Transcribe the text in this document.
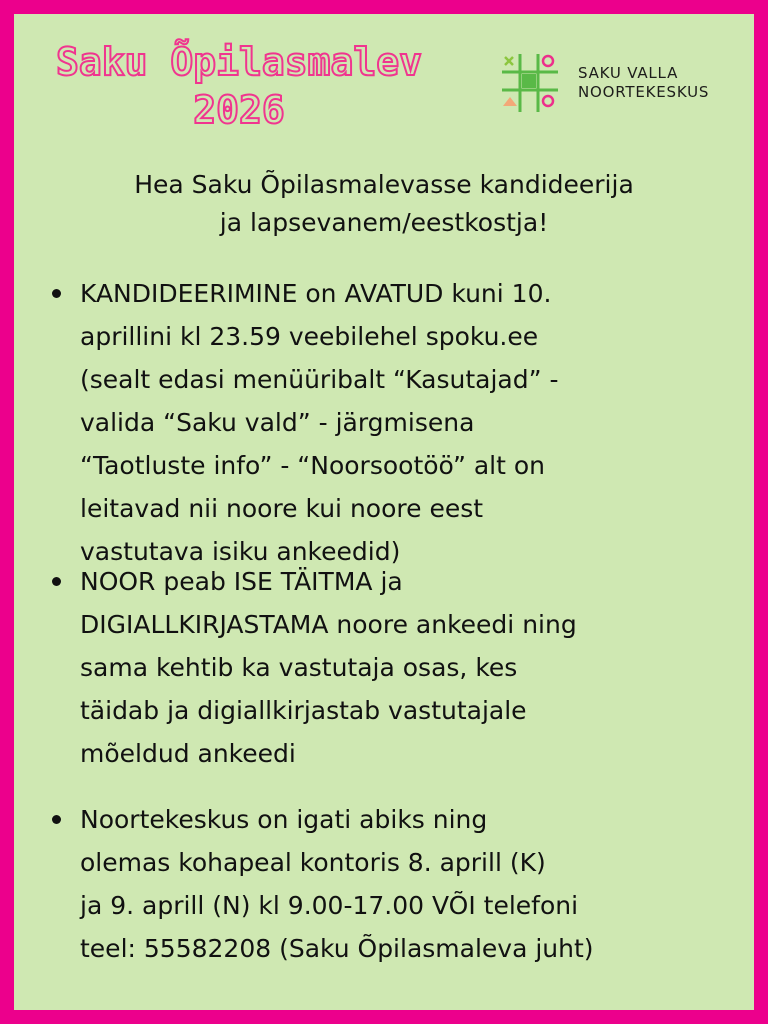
Saku Õpilasmalev
2026
SAKU VALLA
NOORTEKESKUS
Hea Saku Õpilasmalevasse kandideerija
ja lapsevanem/eestkostja!
KANDIDEERIMINE on AVATUD kuni 10.
aprillini kl 23.59 veebilehel spoku.ee
(sealt edasi menüüribalt “Kasutajad” -
valida “Saku vald” - järgmisena
“Taotluste info” - “Noorsootöö” alt on
leitavad nii noore kui noore eest
vastutava isiku ankeedid)
NOOR peab ISE TÄITMA ja
DIGIALLKIRJASTAMA noore ankeedi ning
sama kehtib ka vastutaja osas, kes
täidab ja digiallkirjastab vastutajale
mõeldud ankeedi
Noortekeskus on igati abiks ning
olemas kohapeal kontoris 8. aprill (K)
ja 9. aprill (N) kl 9.00-17.00 VÕI telefoni
teel: 55582208 (Saku Õpilasmaleva juht)
